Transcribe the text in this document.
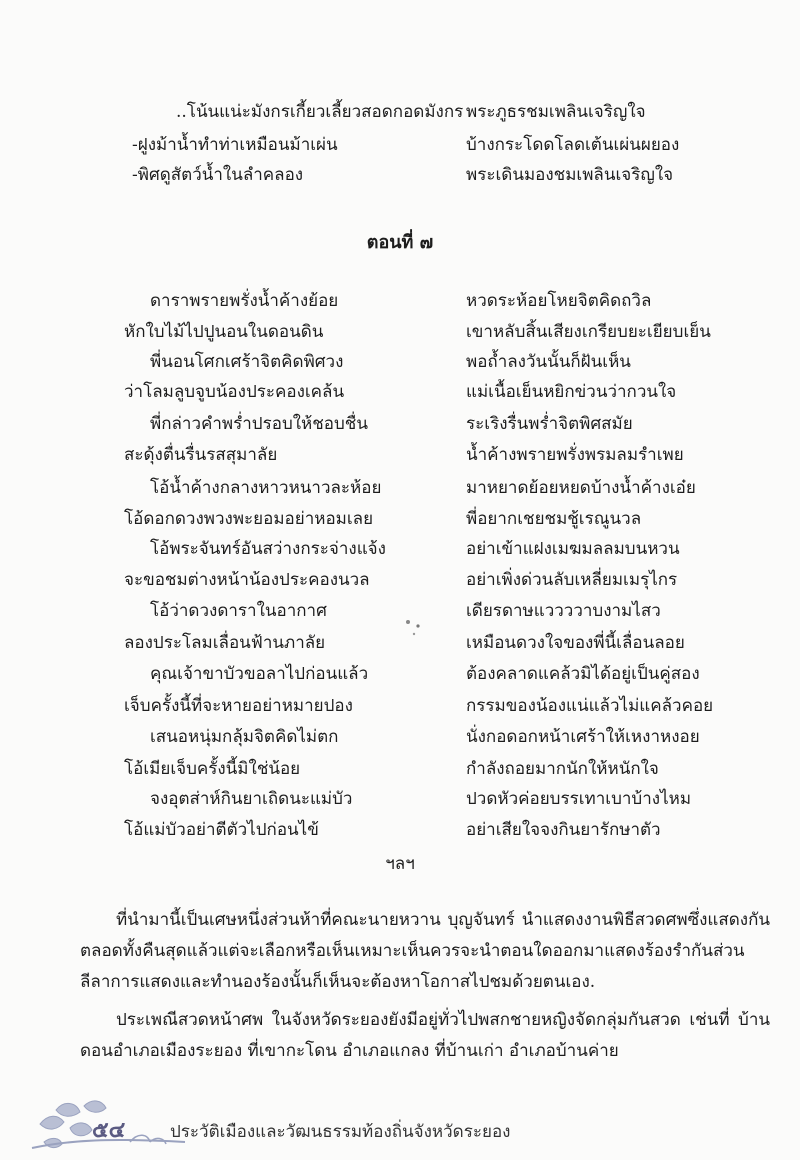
..โน้นแน่ะมังกรเกี้ยวเลี้ยวสอดกอดมังกร พระภูธรชมเพลินเจริญใจ
-ฝูงม้าน้ำทำท่าเหมือนม้าเผ่น	บ้างกระโดดโลดเต้นเผ่นผยอง
-พิศดูสัตว์น้ำในลำคลอง	พระเดินมองชมเพลินเจริญใจ
ตอนที่ ๗
ดาราพรายพรั่งน้ำค้างย้อย	หวดระห้อยโหยจิตคิดถวิล
หักใบไม้ไปปูนอนในดอนดิน	เขาหลับสิ้นเสียงเกรียบยะเยียบเย็น
พี่นอนโศกเศร้าจิตคิดพิศวง	พอถ้ำลงวันนั้นก็ฝันเห็น
ว่าโลมลูบจูบน้องประคองเคล้น	แม่เนื้อเย็นหยิกข่วนว่ากวนใจ
พี่กล่าวคำพร่ำปรอบให้ชอบชื่น	ระเริงรื่นพร่ำจิตพิศสมัย
สะดุ้งตื่นรื่นรสสุมาลัย	น้ำค้างพรายพรั่งพรมลมรำเพย
โอ้น้ำค้างกลางหาวหนาวละห้อย	มาหยาดย้อยหยดบ้างน้ำค้างเอ๋ย
โอ้ดอกดวงพวงพะยอมอย่าหอมเลย	พี่อยากเชยชมชู้เรณูนวล
โอ้พระจันทร์อันสว่างกระจ่างแจ้ง	อย่าเข้าแฝงเมฆมลลมบนหวน
จะขอชมต่างหน้าน้องประคองนวล	อย่าเพิ่งด่วนลับเหลี่ยมเมรุไกร
โอ้ว่าดวงดาราในอากาศ	เดียรดาษแววววาบงามไสว
ลองประโลมเลื่อนฟ้านภาลัย	เหมือนดวงใจของพี่นี้เลื่อนลอย
คุณเจ้าขาบัวขอลาไปก่อนแล้ว	ต้องคลาดแคล้วมิได้อยู่เป็นคู่สอง
เจ็บครั้งนี้ที่จะหายอย่าหมายปอง	กรรมของน้องแน่แล้วไม่แคล้วคอย
เสนอหนุ่มกลุ้มจิตคิดไม่ตก	นั่งกอดอกหน้าเศร้าให้เหงาหงอย
โอ้เมียเจ็บครั้งนี้มิใช่น้อย	กำลังถอยมากนักให้หนักใจ
จงอุตส่าห์กินยาเถิดนะแม่บัว	ปวดหัวค่อยบรรเทาเบาบ้างไหม
โอ้แม่บัวอย่าตีตัวไปก่อนไข้	อย่าเสียใจจงกินยารักษาตัว
ฯลฯ
ที่นำมานี้เป็นเศษหนึ่งส่วนห้าที่คณะนายหวาน บุญจันทร์ นำแสดงงานพิธีสวดศพซึ่งแสดงกันตลอดทั้งคืนสุดแล้วแต่จะเลือกหรือเห็นเหมาะเห็นควรจะนำตอนใดออกมาแสดงร้องรำกันส่วนลีลาการแสดงและทำนองร้องนั้นก็เห็นจะต้องหาโอกาสไปชมด้วยตนเอง.
ประเพณีสวดหน้าศพ ในจังหวัดระยองยังมีอยู่ทั่วไปพสกชายหญิงจัดกลุ่มกันสวด เช่นที่ บ้านดอนอำเภอเมืองระยอง ที่เขากะโดน อำเภอแกลง ที่บ้านเก่า อำเภอบ้านค่าย
๕๔	ประวัติเมืองและวัฒนธรรมท้องถิ่นจังหวัดระยอง
